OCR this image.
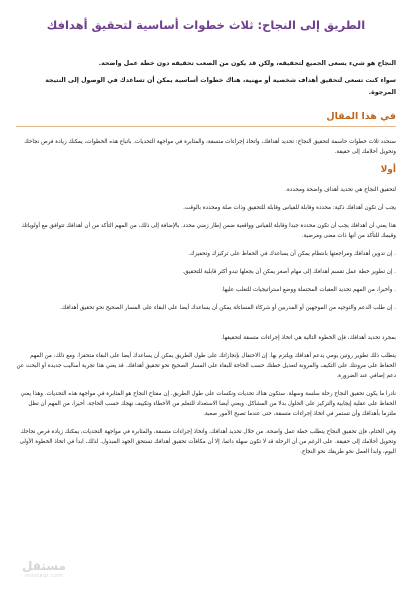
الطريق إلى النجاح: ثلاث خطوات أساسية لتحقيق أهدافك

النجاح هو شيء يسعى الجميع لتحقيقه، ولكن قد يكون من الصعب تحقيقه دون خطة عمل واضحة.

سواء كنت تسعى لتحقيق أهداف شخصية أو مهنية، هناك خطوات أساسية يمكن أن تساعدك في الوصول إلى النتيجة المرجوة.

في هذا المقال

سنحدد ثلاث خطوات حاسمة لتحقيق النجاح: تحديد أهدافك، واتخاذ إجراءات متسقة، والمثابرة في مواجهة التحديات. باتباع هذه الخطوات، يمكنك زيادة فرص نجاحك وتحويل أحلامك إلى حقيقة.

أولا

لتحقيق النجاح هي تحديد أهداف واضحة ومحددة.

يجب أن تكون أهدافك ذكية: محددة وقابلة للقياس وقابلة للتحقيق وذات صلة ومحددة بالوقت.

هذا يعني أن أهدافك يجب أن تكون محددة جيدا وقابلة للقياس وواقعية ضمن إطار زمني محدد. بالإضافة إلى ذلك، من المهم التأكد من أن أهدافك تتوافق مع أولوياتك وقيمك للتأكد من أنها ذات معنى ومرضية.

. إن تدوين أهدافك ومراجعتها بانتظام يمكن أن يساعدك في الحفاظ على تركيزك وتحفيزك.

. إن تطوير خطة عمل تقسم أهدافك إلى مهام أصغر يمكن أن يجعلها تبدو أكثر قابلية للتحقيق.

. وأخيرا، من المهم تحديد العقبات المحتملة ووضع استراتيجيات للتغلب عليها.

. إن طلب الدعم والتوجيه من الموجهين أو المدربين أو شركاء المساءلة يمكن أن يساعدك أيضا على البقاء على المسار الصحيح نحو تحقيق أهدافك.

بمجرد تحديد أهدافك، فإن الخطوة التالية هي اتخاذ إجراءات متسقة لتحقيقها.

يتطلب ذلك تطوير روتين يومي يدعم أهدافك ويلتزم بها. إن الاحتفال بإنجازاتك على طول الطريق يمكن أن يساعدك أيضا على البقاء متحفزا. ومع ذلك، من المهم الحفاظ على مرونتك على التكيف والمرونة لتعديل خطتك حسب الحاجة للبقاء على المسار الصحيح نحو تحقيق أهدافك. قد يعني هذا تجربة أساليب جديدة أو البحث عن دعم إضافي عند الضرورة.

نادرا ما يكون تحقيق النجاح رحلة سلسة وسهلة. ستكون هناك تحديات ونكسات على طول الطريق. إن مفتاح النجاح هو المثابرة في مواجهة هذه التحديات. وهذا يعني الحفاظ على عقلية إيجابية والتركيز على الحلول بدلا من المشاكل. ويعني أيضا الاستعداد للتعلم من الأخطاء وتكييف نهجك حسب الحاجة. أخيرا، من المهم أن تظل ملتزما بأهدافك وأن تستمر في اتخاذ إجراءات متسقة، حتى عندما تصبح الأمور صعبة.

وفي الختام، فإن تحقيق النجاح يتطلب خطة عمل واضحة. من خلال تحديد أهدافك، واتخاذ إجراءات متسقة، والمثابرة في مواجهة التحديات، يمكنك زيادة فرص نجاحك وتحويل أحلامك إلى حقيقة. على الرغم من أن الرحلة قد لا تكون سهلة دائما، إلا أن مكافآت تحقيق أهدافك تستحق الجهد المبذول. لذلك، ابدأ في اتخاذ الخطوة الأولى اليوم، وابدأ العمل نحو طريقك نحو النجاح.

مستقل
mostaql.com
